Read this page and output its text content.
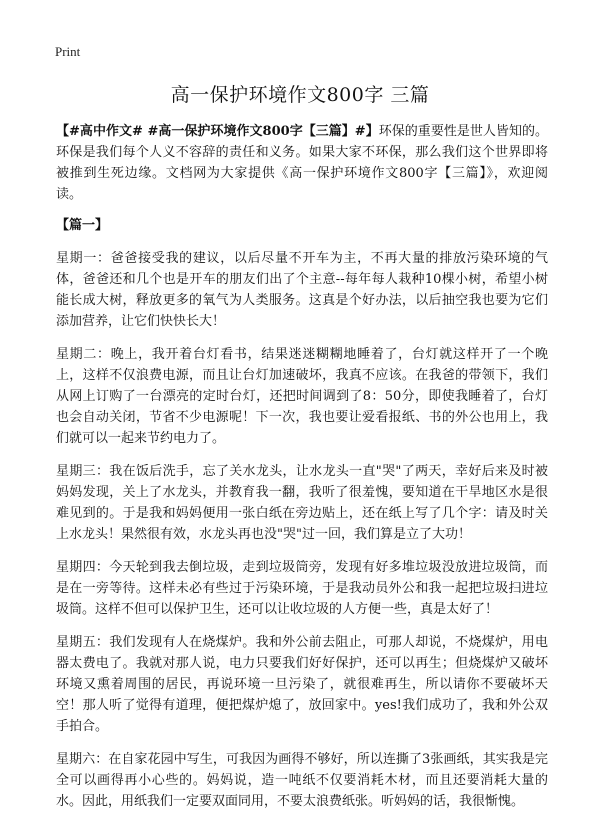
Print
高一保护环境作文800字 三篇

【#高中作文# #高一保护环境作文800字【三篇】#】环保的重要性是世人皆知的。环保是我们每个人义不容辞的责任和义务。如果大家不环保，那么我们这个世界即将被推到生死边缘。文档网为大家提供《高一保护环境作文800字【三篇】》，欢迎阅读。

【篇一】

星期一：爸爸接受我的建议，以后尽量不开车为主，不再大量的排放污染环境的气体，爸爸还和几个也是开车的朋友们出了个主意--每年每人栽种10棵小树，希望小树能长成大树，释放更多的氧气为人类服务。这真是个好办法，以后抽空我也要为它们添加营养，让它们快快长大！

星期二：晚上，我开着台灯看书，结果迷迷糊糊地睡着了，台灯就这样开了一个晚上，这样不仅浪费电源，而且让台灯加速破坏，我真不应该。在我爸的带领下，我们从网上订购了一台漂亮的定时台灯，还把时间调到了8：50分，即使我睡着了，台灯也会自动关闭，节省不少电源呢！下一次，我也要让爱看报纸、书的外公也用上，我们就可以一起来节约电力了。

星期三：我在饭后洗手，忘了关水龙头，让水龙头一直"哭"了两天，幸好后来及时被妈妈发现，关上了水龙头，并教育我一翻，我听了很羞愧，要知道在干旱地区水是很难见到的。于是我和妈妈便用一张白纸在旁边贴上，还在纸上写了几个字：请及时关上水龙头！果然很有效，水龙头再也没"哭"过一回，我们算是立了大功！

星期四：今天轮到我去倒垃圾，走到垃圾筒旁，发现有好多堆垃圾没放进垃圾筒，而是在一旁等待。这样未必有些过于污染环境，于是我动员外公和我一起把垃圾扫进垃圾筒。这样不但可以保护卫生，还可以让收垃圾的人方便一些，真是太好了！

星期五：我们发现有人在烧煤炉。我和外公前去阻止，可那人却说，不烧煤炉，用电器太费电了。我就对那人说，电力只要我们好好保护，还可以再生；但烧煤炉又破坏环境又熏着周围的居民，再说环境一旦污染了，就很难再生，所以请你不要破坏天空！那人听了觉得有道理，便把煤炉熄了，放回家中。yes!我们成功了，我和外公双手拍合。

星期六：在自家花园中写生，可我因为画得不够好，所以连撕了3张画纸，其实我是完全可以画得再小心些的。妈妈说，造一吨纸不仅要消耗木材，而且还要消耗大量的水。因此，用纸我们一定要双面同用，不要太浪费纸张。听妈妈的话，我很惭愧。
